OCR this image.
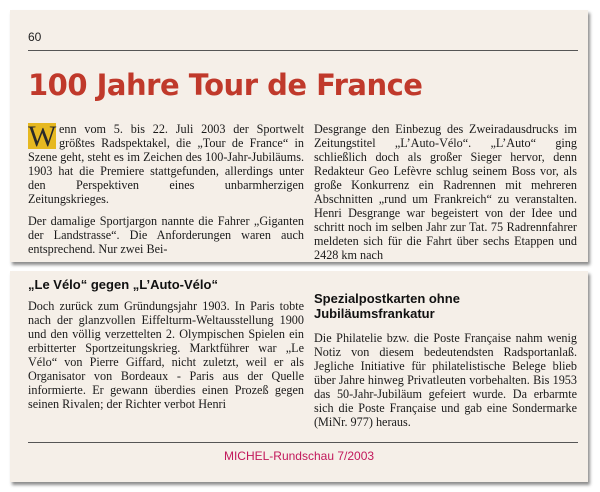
60
100 Jahre Tour de France

W enn vom 5. bis 22. Juli 2003 der Sportwelt größtes Radspektakel, die „Tour de France“ in Szene geht, steht es im Zeichen des 100-Jahr-Jubiläums. 1903 hat die Premiere stattgefunden, allerdings unter den Perspektiven eines unbarmherzigen Zeitungskrieges.

Der damalige Sportjargon nannte die Fahrer „Giganten der Landstrasse“. Die Anforderungen waren auch entsprechend. Nur zwei Bei-

Desgrange den Einbezug des Zweiradausdrucks im Zeitungstitel „L’Auto-Vélo“. „L’Auto“ ging schließlich doch als großer Sieger hervor, denn Redakteur Geo Lefèvre schlug seinem Boss vor, als große Konkurrenz ein Radrennen mit mehreren Abschnitten „rund um Frankreich“ zu veranstalten. Henri Desgrange war begeistert von der Idee und schritt noch im selben Jahr zur Tat. 75 Radrennfahrer meldeten sich für die Fahrt über sechs Etappen und 2428 km nach

„Le Vélo“ gegen „L’Auto-Vélo“

Doch zurück zum Gründungsjahr 1903. In Paris tobte nach der glanzvollen Eiffelturm-Weltausstellung 1900 und den völlig verzettelten 2. Olympischen Spielen ein erbitterter Sportzeitungskrieg. Marktführer war „Le Vélo“ von Pierre Giffard, nicht zuletzt, weil er als Organisator von Bordeaux - Paris aus der Quelle informierte. Er gewann überdies einen Prozeß gegen seinen Rivalen; der Richter verbot Henri

Spezialpostkarten ohne Jubiläumsfrankatur

Die Philatelie bzw. die Poste Française nahm wenig Notiz von diesem bedeutendsten Radsportanlaß. Jegliche Initiative für philatelistische Belege blieb über Jahre hinweg Privatleuten vorbehalten. Bis 1953 das 50-Jahr-Jubiläum gefeiert wurde. Da erbarmte sich die Poste Française und gab eine Sondermarke (MiNr. 977) heraus.

MICHEL-Rundschau 7/2003
